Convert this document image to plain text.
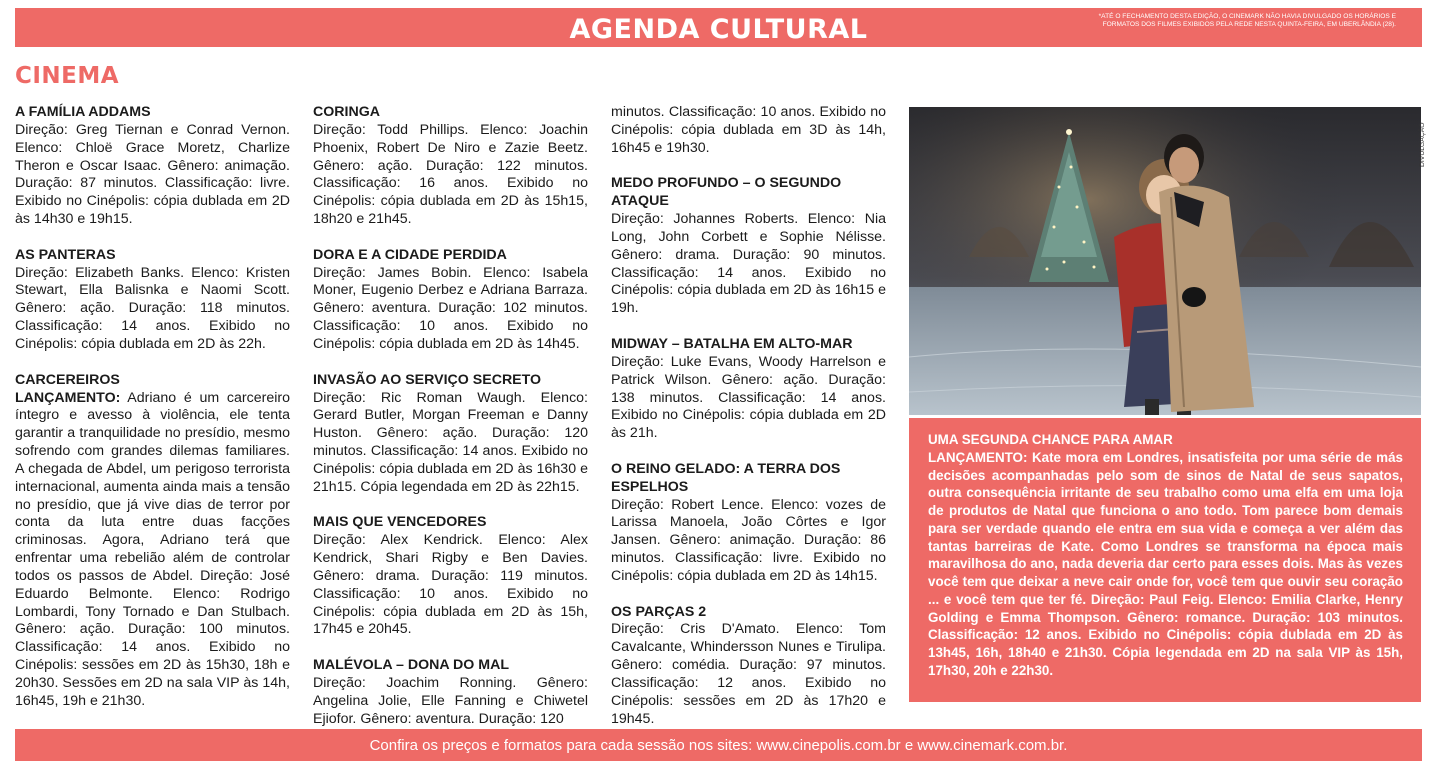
AGENDA CULTURAL	*ATÉ O FECHAMENTO DESTA EDIÇÃO, O CINEMARK NÃO HAVIA DIVULGADO OS HORÁRIOS E FORMATOS DOS FILMES EXIBIDOS PELA REDE NESTA QUINTA-FEIRA, EM UBERLÂNDIA (28).
CINEMA
A FAMÍLIA ADDAMS
Direção: Greg Tiernan e Conrad Vernon. Elenco: Chloë Grace Moretz, Charlize Theron e Oscar Isaac. Gênero: animação. Duração: 87 minutos. Classificação: livre. Exibido no Cinépolis: cópia dublada em 2D às 14h30 e 19h15.
AS PANTERAS
Direção: Elizabeth Banks. Elenco: Kristen Stewart, Ella Balisnka e Naomi Scott. Gênero: ação. Duração: 118 minutos. Classificação: 14 anos. Exibido no Cinépolis: cópia dublada em 2D às 22h.
CARCEREIROS
LANÇAMENTO: Adriano é um carcereiro íntegro e avesso à violência, ele tenta garantir a tranquilidade no presídio, mesmo sofrendo com grandes dilemas familiares. A chegada de Abdel, um perigoso terrorista internacional, aumenta ainda mais a tensão no presídio, que já vive dias de terror por conta da luta entre duas facções criminosas. Agora, Adriano terá que enfrentar uma rebelião além de controlar todos os passos de Abdel. Direção: José Eduardo Belmonte. Elenco: Rodrigo Lombardi, Tony Tornado e Dan Stulbach. Gênero: ação. Duração: 100 minutos. Classificação: 14 anos. Exibido no Cinépolis: sessões em 2D às 15h30, 18h e 20h30. Sessões em 2D na sala VIP às 14h, 16h45, 19h e 21h30.
CORINGA
Direção: Todd Phillips. Elenco: Joachin Phoenix, Robert De Niro e Zazie Beetz. Gênero: ação. Duração: 122 minutos. Classificação: 16 anos. Exibido no Cinépolis: cópia dublada em 2D às 15h15, 18h20 e 21h45.
DORA E A CIDADE PERDIDA
Direção: James Bobin. Elenco: Isabela Moner, Eugenio Derbez e Adriana Barraza. Gênero: aventura. Duração: 102 minutos. Classificação: 10 anos. Exibido no Cinépolis: cópia dublada em 2D às 14h45.
INVASÃO AO SERVIÇO SECRETO
Direção: Ric Roman Waugh. Elenco: Gerard Butler, Morgan Freeman e Danny Huston. Gênero: ação. Duração: 120 minutos. Classificação: 14 anos. Exibido no Cinépolis: cópia dublada em 2D às 16h30 e 21h15. Cópia legendada em 2D às 22h15.
MAIS QUE VENCEDORES
Direção: Alex Kendrick. Elenco: Alex Kendrick, Shari Rigby e Ben Davies. Gênero: drama. Duração: 119 minutos. Classificação: 10 anos. Exibido no Cinépolis: cópia dublada em 2D às 15h, 17h45 e 20h45.
MALÉVOLA – DONA DO MAL
Direção: Joachim Ronning. Gênero: Angelina Jolie, Elle Fanning e Chiwetel Ejiofor. Gênero: aventura. Duração: 120
minutos. Classificação: 10 anos. Exibido no Cinépolis: cópia dublada em 3D às 14h, 16h45 e 19h30.
MEDO PROFUNDO – O SEGUNDO ATAQUE
Direção: Johannes Roberts. Elenco: Nia Long, John Corbett e Sophie Nélisse. Gênero: drama. Duração: 90 minutos. Classificação: 14 anos. Exibido no Cinépolis: cópia dublada em 2D às 16h15 e 19h.
MIDWAY – BATALHA EM ALTO-MAR
Direção: Luke Evans, Woody Harrelson e Patrick Wilson. Gênero: ação. Duração: 138 minutos. Classificação: 14 anos. Exibido no Cinépolis: cópia dublada em 2D às 21h.
O REINO GELADO: A TERRA DOS ESPELHOS
Direção: Robert Lence. Elenco: vozes de Larissa Manoela, João Côrtes e Igor Jansen. Gênero: animação. Duração: 86 minutos. Classificação: livre. Exibido no Cinépolis: cópia dublada em 2D às 14h15.
OS PARÇAS 2
Direção: Cris D'Amato. Elenco: Tom Cavalcante, Whindersson Nunes e Tirulipa. Gênero: comédia. Duração: 97 minutos. Classificação: 12 anos. Exibido no Cinépolis: sessões em 2D às 17h20 e 19h45.
DIVULGAÇÃO
UMA SEGUNDA CHANCE PARA AMAR
LANÇAMENTO: Kate mora em Londres, insatisfeita por uma série de más decisões acompanhadas pelo som de sinos de Natal de seus sapatos, outra consequência irritante de seu trabalho como uma elfa em uma loja de produtos de Natal que funciona o ano todo. Tom parece bom demais para ser verdade quando ele entra em sua vida e começa a ver além das tantas barreiras de Kate. Como Londres se transforma na época mais maravilhosa do ano, nada deveria dar certo para esses dois. Mas às vezes você tem que deixar a neve cair onde for, você tem que ouvir seu coração ... e você tem que ter fé. Direção: Paul Feig. Elenco: Emilia Clarke, Henry Golding e Emma Thompson. Gênero: romance. Duração: 103 minutos. Classificação: 12 anos. Exibido no Cinépolis: cópia dublada em 2D às 13h45, 16h, 18h40 e 21h30. Cópia legendada em 2D na sala VIP às 15h, 17h30, 20h e 22h30.
Confira os preços e formatos para cada sessão nos sites: www.cinepolis.com.br e www.cinemark.com.br.
